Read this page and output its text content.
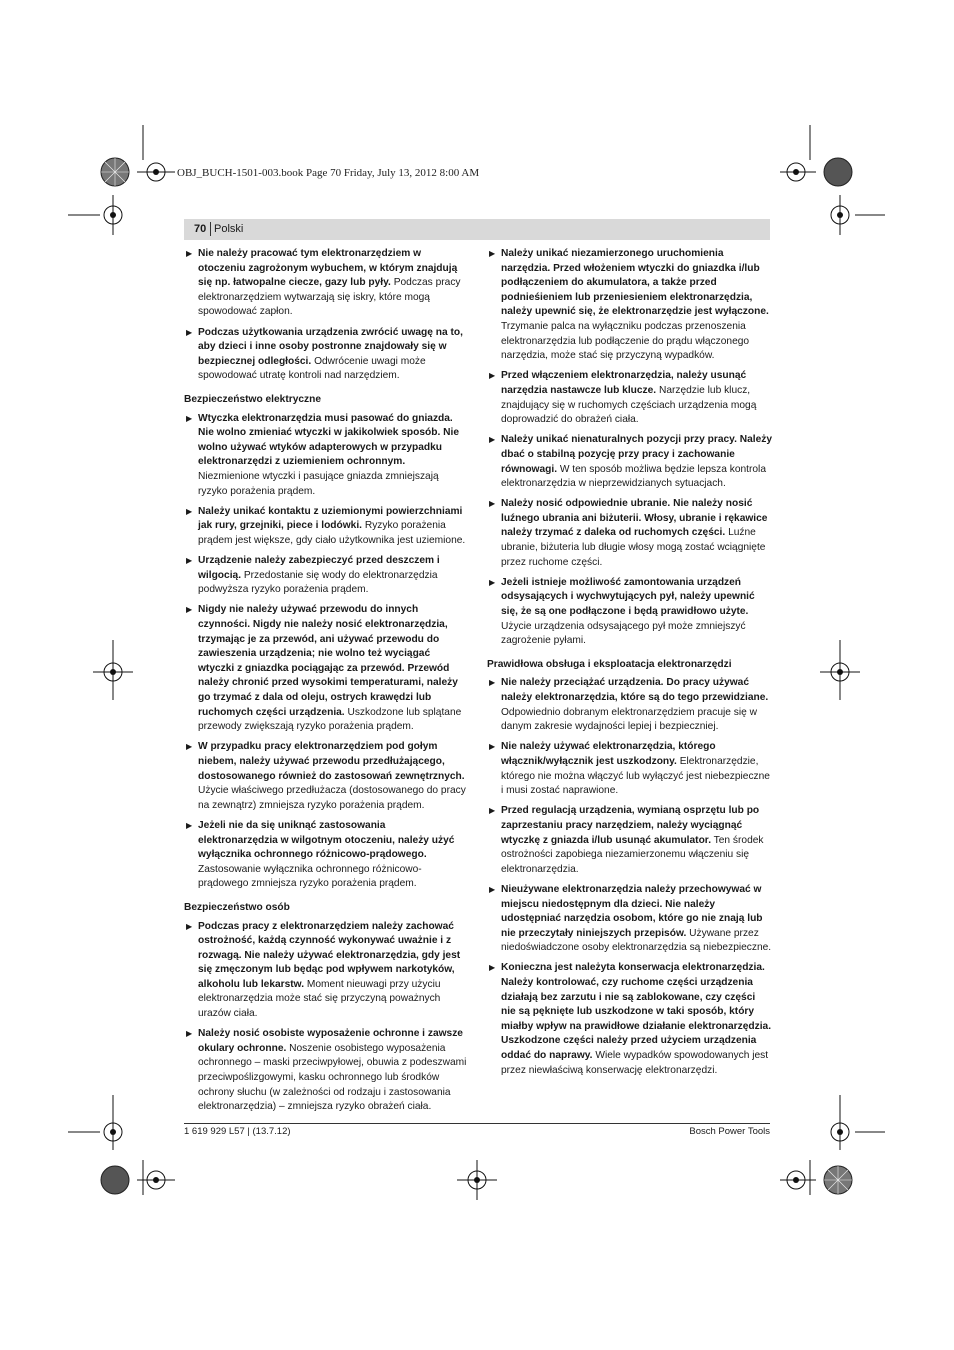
OBJ_BUCH-1501-003.book Page 70 Friday, July 13, 2012 8:00 AM
70 Polski
▶ Nie należy pracować tym elektronarzędziem w otoczeniu zagrożonym wybuchem, w którym znajdują się np. łatwopalne ciecze, gazy lub pyły. Podczas pracy elektronarzędziem wytwarzają się iskry, które mogą spowodować zapłon.
▶ Podczas użytkowania urządzenia zwrócić uwagę na to, aby dzieci i inne osoby postronne znajdowały się w bezpiecznej odległości. Odwrócenie uwagi może spowodować utratę kontroli nad narzędziem.
Bezpieczeństwo elektryczne
▶ Wtyczka elektronarzędzia musi pasować do gniazda. Nie wolno zmieniać wtyczki w jakikolwiek sposób. Nie wolno używać wtyków adapterowych w przypadku elektronarzędzi z uziemieniem ochronnym. Niezmienione wtyczki i pasujące gniazda zmniejszają ryzyko porażenia prądem.
▶ Należy unikać kontaktu z uziemionymi powierzchniami jak rury, grzejniki, piece i lodówki. Ryzyko porażenia prądem jest większe, gdy ciało użytkownika jest uziemione.
▶ Urządzenie należy zabezpieczyć przed deszczem i wilgocią. Przedostanie się wody do elektronarzędzia podwyższa ryzyko porażenia prądem.
▶ Nigdy nie należy używać przewodu do innych czynności. Nigdy nie należy nosić elektronarzędzia, trzymając je za przewód, ani używać przewodu do zawieszenia urządzenia; nie wolno też wyciągać wtyczki z gniazdka pociągając za przewód. Przewód należy chronić przed wysokimi temperaturami, należy go trzymać z dala od oleju, ostrych krawędzi lub ruchomych części urządzenia. Uszkodzone lub splątane przewody zwiększają ryzyko porażenia prądem.
▶ W przypadku pracy elektronarzędziem pod gołym niebem, należy używać przewodu przedłużającego, dostosowanego również do zastosowań zewnętrznych. Użycie właściwego przedłużacza (dostosowanego do pracy na zewnątrz) zmniejsza ryzyko porażenia prądem.
▶ Jeżeli nie da się uniknąć zastosowania elektronarzędzia w wilgotnym otoczeniu, należy użyć wyłącznika ochronnego różnicowo-prądowego. Zastosowanie wyłącznika ochronnego różnicowo-prądowego zmniejsza ryzyko porażenia prądem.
Bezpieczeństwo osób
▶ Podczas pracy z elektronarzędziem należy zachować ostrożność, każdą czynność wykonywać uważnie i z rozwagą. Nie należy używać elektronarzędzia, gdy jest się zmęczonym lub będąc pod wpływem narkotyków, alkoholu lub lekarstw. Moment nieuwagi przy użyciu elektronarzędzia może stać się przyczyną poważnych urazów ciała.
▶ Należy nosić osobiste wyposażenie ochronne i zawsze okulary ochronne. Noszenie osobistego wyposażenia ochronnego – maski przeciwpyłowej, obuwia z podeszwami przeciwpoślizgowymi, kasku ochronnego lub środków ochrony słuchu (w zależności od rodzaju i zastosowania elektronarzędzia) – zmniejsza ryzyko obrażeń ciała.
▶ Należy unikać niezamierzonego uruchomienia narzędzia. Przed włożeniem wtyczki do gniazdka i/lub podłączeniem do akumulatora, a także przed podnieśieniem lub przeniesieniem elektronarzędzia, należy upewnić się, że elektronarzędzie jest wyłączone. Trzymanie palca na wyłączniku podczas przenoszenia elektronarzędzia lub podłączenie do prądu włączonego narzędzia, może stać się przyczyną wypadków.
▶ Przed włączeniem elektronarzędzia, należy usunąć narzędzia nastawcze lub klucze. Narzędzie lub klucz, znajdujący się w ruchomych częściach urządzenia mogą doprowadzić do obrażeń ciała.
▶ Należy unikać nienaturalnych pozycji przy pracy. Należy dbać o stabilną pozycję przy pracy i zachowanie równowagi. W ten sposób możliwa będzie lepsza kontrola elektronarzędzia w nieprzewidzianych sytuacjach.
▶ Należy nosić odpowiednie ubranie. Nie należy nosić luźnego ubrania ani biżuterii. Włosy, ubranie i rękawice należy trzymać z daleka od ruchomych części. Luźne ubranie, biżuteria lub długie włosy mogą zostać wciągnięte przez ruchome części.
▶ Jeżeli istnieje możliwość zamontowania urządzeń odsysających i wychwytujących pył, należy upewnić się, że są one podłączone i będą prawidłowo użyte. Użycie urządzenia odsysającego pył może zmniejszyć zagrożenie pyłami.
Prawidłowa obsługa i eksploatacja elektronarzędzi
▶ Nie należy przeciążać urządzenia. Do pracy używać należy elektronarzędzia, które są do tego przewidziane. Odpowiednio dobranym elektronarzędziem pracuje się w danym zakresie wydajności lepiej i bezpieczniej.
▶ Nie należy używać elektronarzędzia, którego włącznik/wyłącznik jest uszkodzony. Elektronarzędzie, którego nie można włączyć lub wyłączyć jest niebezpieczne i musi zostać naprawione.
▶ Przed regulacją urządzenia, wymianą osprzętu lub po zaprzestaniu pracy narzędziem, należy wyciągnąć wtyczkę z gniazda i/lub usunąć akumulator. Ten środek ostrożności zapobiega niezamierzonemu włączeniu się elektronarzędzia.
▶ Nieużywane elektronarzędzia należy przechowywać w miejscu niedostępnym dla dzieci. Nie należy udostępniać narzędzia osobom, które go nie znają lub nie przeczytały niniejszych przepisów. Używane przez niedoświadczone osoby elektronarzędzia są niebezpieczne.
▶ Konieczna jest należyta konserwacja elektronarzędzia. Należy kontrolować, czy ruchome części urządzenia działają bez zarzutu i nie są zablokowane, czy części nie są pęknięte lub uszkodzone w taki sposób, który miałby wpływ na prawidłowe działanie elektronarzędzia. Uszkodzone części należy przed użyciem urządzenia oddać do naprawy. Wiele wypadków spowodowanych jest przez niewłaściwą konserwację elektronarzędzi.
1 619 929 L57 | (13.7.12)	Bosch Power Tools
